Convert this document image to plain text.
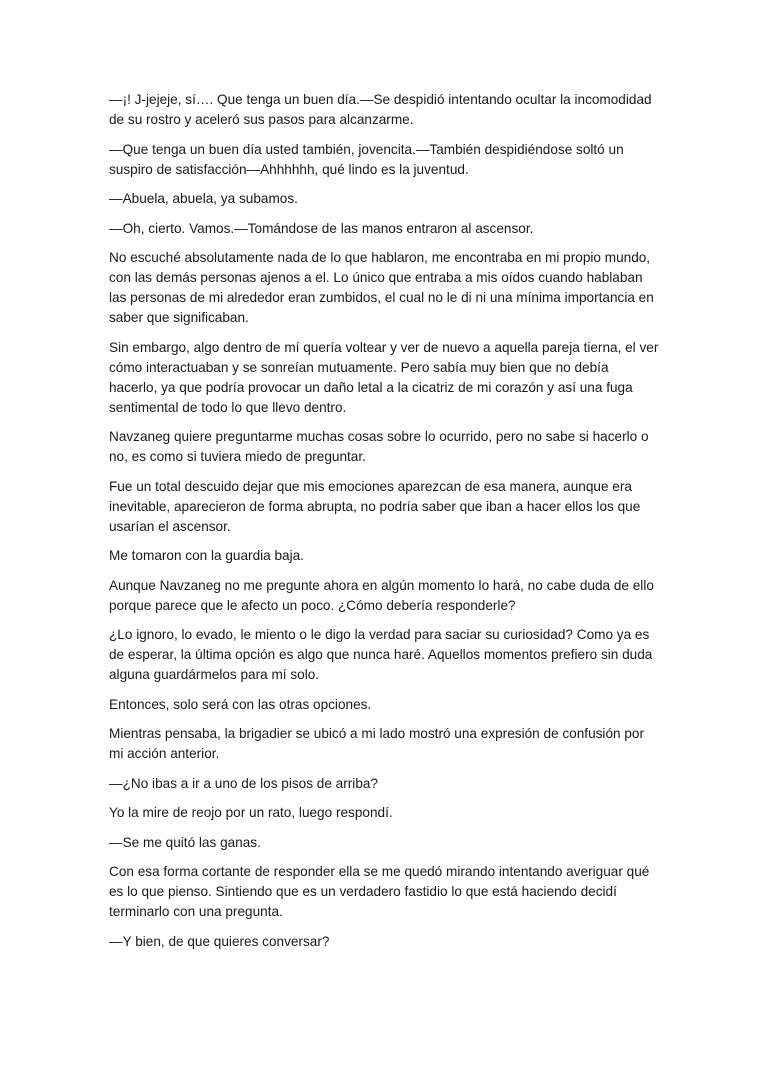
—¡! J-jejeje, sí…. Que tenga un buen día.—Se despidió intentando ocultar la incomodidad de su rostro y aceleró sus pasos para alcanzarme.

—Que tenga un buen día usted también, jovencita.—También despidiéndose soltó un suspiro de satisfacción—Ahhhhhh, qué lindo es la juventud.

—Abuela, abuela, ya subamos.

—Oh, cierto. Vamos.—Tomándose de las manos entraron al ascensor.

No escuché absolutamente nada de lo que hablaron, me encontraba en mi propio mundo, con las demás personas ajenos a el. Lo único que entraba a mis oídos cuando hablaban las personas de mi alrededor eran zumbidos, el cual no le di ni una mínima importancia en saber que significaban.

Sin embargo, algo dentro de mí quería voltear y ver de nuevo a aquella pareja tierna, el ver cómo interactuaban y se sonreían mutuamente. Pero sabía muy bien que no debía hacerlo, ya que podría provocar un daño letal a la cicatriz de mi corazón y así una fuga sentimental de todo lo que llevo dentro.

Navzaneg quiere preguntarme muchas cosas sobre lo ocurrido, pero no sabe si hacerlo o no, es como si tuviera miedo de preguntar.

Fue un total descuido dejar que mis emociones aparezcan de esa manera, aunque era inevitable, aparecieron de forma abrupta, no podría saber que iban a hacer ellos los que usarían el ascensor.

Me tomaron con la guardia baja.

Aunque Navzaneg no me pregunte ahora en algún momento lo hará, no cabe duda de ello porque parece que le afecto un poco. ¿Cómo debería responderle?

¿Lo ignoro, lo evado, le miento o le digo la verdad para saciar su curiosidad? Como ya es de esperar, la última opción es algo que nunca haré. Aquellos momentos prefiero sin duda alguna guardármelos para mí solo.

Entonces, solo será con las otras opciones.

Mientras pensaba, la brigadier se ubicó a mi lado mostró una expresión de confusión por mi acción anterior.

—¿No ibas a ir a uno de los pisos de arriba?

Yo la mire de reojo por un rato, luego respondí.

—Se me quitó las ganas.

Con esa forma cortante de responder ella se me quedó mirando intentando averiguar qué es lo que pienso. Sintiendo que es un verdadero fastidio lo que está haciendo decidí terminarlo con una pregunta.

—Y bien, de que quieres conversar?
